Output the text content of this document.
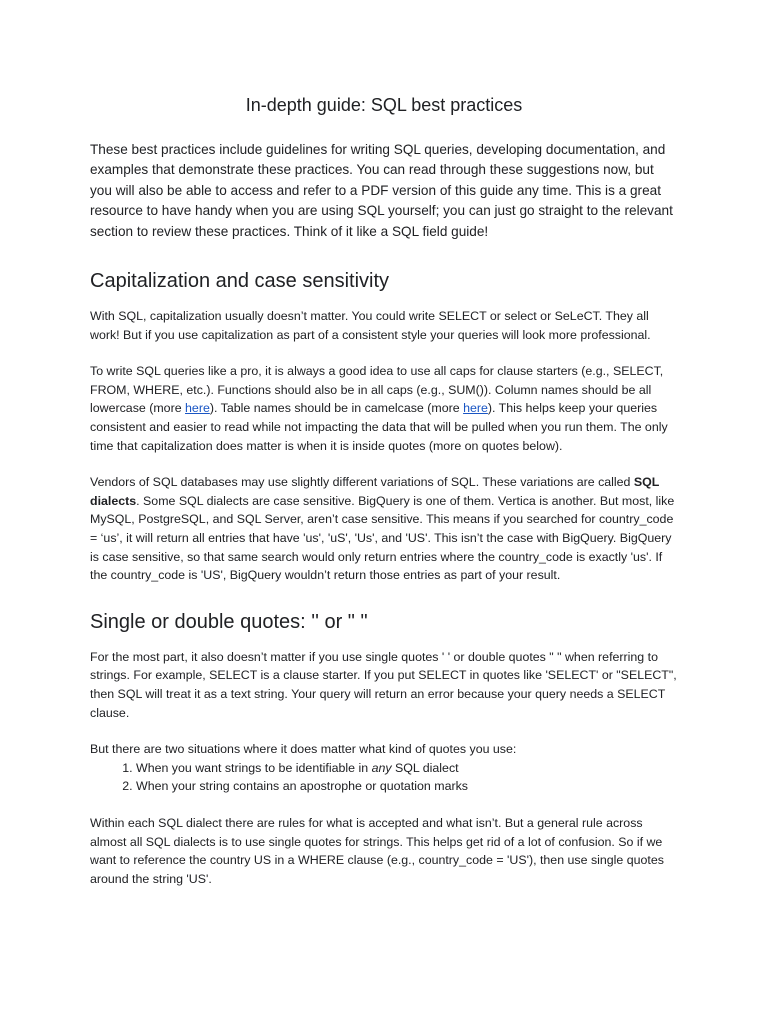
In-depth guide: SQL best practices

These best practices include guidelines for writing SQL queries, developing documentation, and examples that demonstrate these practices. You can read through these suggestions now, but you will also be able to access and refer to a PDF version of this guide any time. This is a great resource to have handy when you are using SQL yourself; you can just go straight to the relevant section to review these practices. Think of it like a SQL field guide!

Capitalization and case sensitivity

With SQL, capitalization usually doesn’t matter. You could write SELECT or select or SeLeCT. They all work! But if you use capitalization as part of a consistent style your queries will look more professional.

To write SQL queries like a pro, it is always a good idea to use all caps for clause starters (e.g., SELECT, FROM, WHERE, etc.). Functions should also be in all caps (e.g., SUM()). Column names should be all lowercase (more here). Table names should be in camelcase (more here). This helps keep your queries consistent and easier to read while not impacting the data that will be pulled when you run them. The only time that capitalization does matter is when it is inside quotes (more on quotes below).

Vendors of SQL databases may use slightly different variations of SQL. These variations are called SQL dialects. Some SQL dialects are case sensitive. BigQuery is one of them. Vertica is another. But most, like MySQL, PostgreSQL, and SQL Server, aren’t case sensitive. This means if you searched for country_code = ‘us’, it will return all entries that have 'us', 'uS', 'Us', and 'US'. This isn’t the case with BigQuery. BigQuery is case sensitive, so that same search would only return entries where the country_code is exactly 'us'. If the country_code is 'US', BigQuery wouldn’t return those entries as part of your result.

Single or double quotes: '' or " "

For the most part, it also doesn’t matter if you use single quotes ' ' or double quotes " " when referring to strings. For example, SELECT is a clause starter. If you put SELECT in quotes like 'SELECT' or "SELECT", then SQL will treat it as a text string. Your query will return an error because your query needs a SELECT clause.

But there are two situations where it does matter what kind of quotes you use:

1. When you want strings to be identifiable in any SQL dialect
2. When your string contains an apostrophe or quotation marks

Within each SQL dialect there are rules for what is accepted and what isn’t. But a general rule across almost all SQL dialects is to use single quotes for strings. This helps get rid of a lot of confusion. So if we want to reference the country US in a WHERE clause (e.g., country_code = 'US'), then use single quotes around the string 'US'.
